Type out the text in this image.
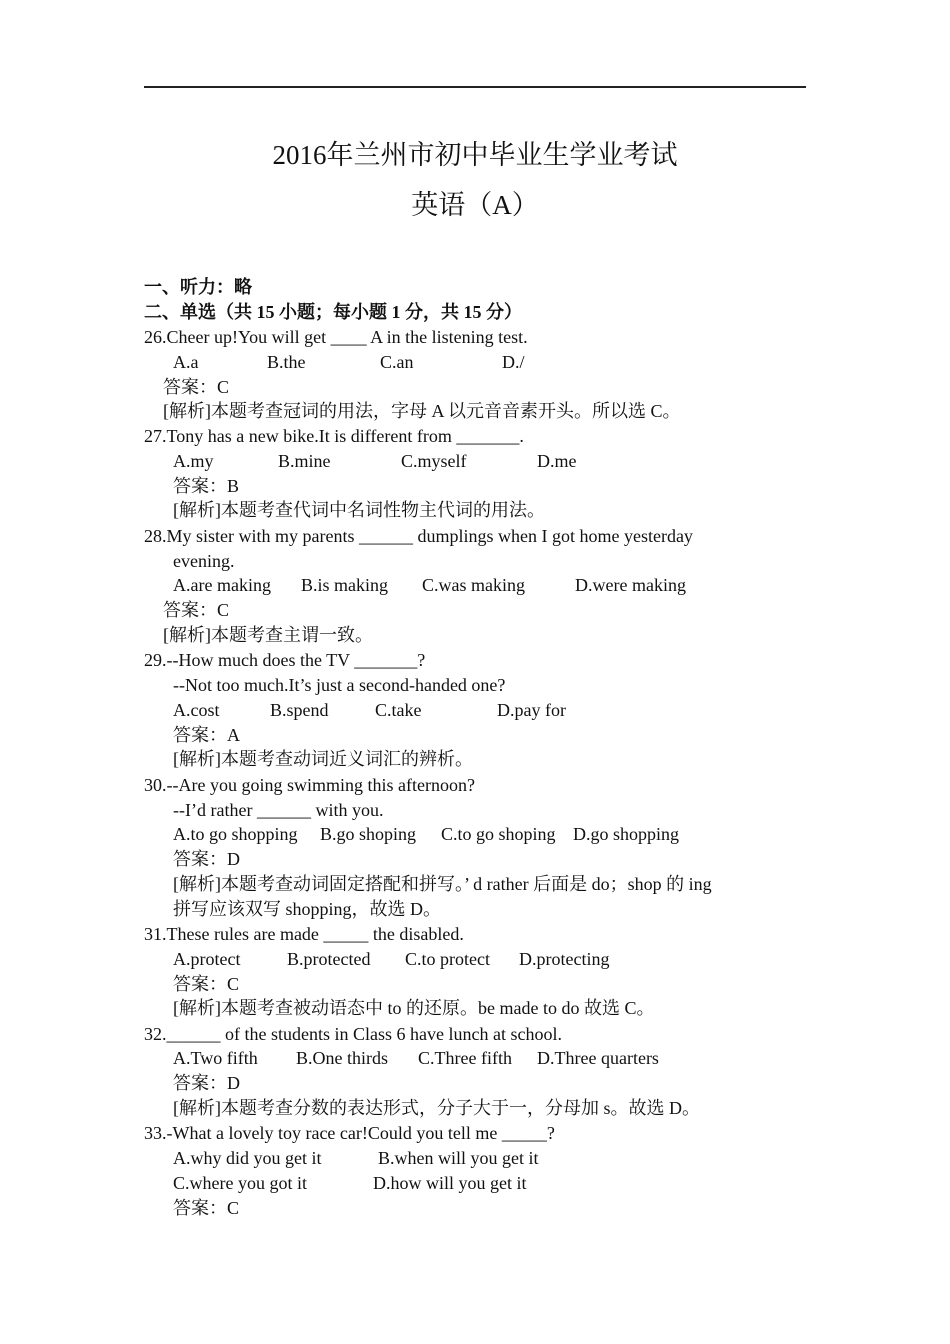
2016年兰州市初中毕业生学业考试
英语（A）
一、听力：略
二、单选（共 15 小题；每小题 1 分，共 15 分）
26.Cheer up!You will get ____ A in the listening test.
A.a	B.the	C.an	D./
答案：C
[解析]本题考查冠词的用法，字母 A 以元音音素开头。所以选 C。
27.Tony has a new bike.It is different from _______.
A.my	B.mine	C.myself	D.me
答案：B
[解析]本题考查代词中名词性物主代词的用法。
28.My sister with my parents ______ dumplings when I got home yesterday
evening.
A.are making B.is making C.was making	D.were making
答案：C
[解析]本题考查主谓一致。
29.--How much does the TV _______?
--Not too much.It’s just a second-handed one?
A.cost	B.spend	C.take	D.pay for
答案：A
[解析]本题考查动词近义词汇的辨析。
30.--Are you going swimming this afternoon?
--I’d rather ______ with you.
A.to go shopping B.go shoping C.to go shoping D.go shopping
答案：D
[解析]本题考查动词固定搭配和拼写。’ d rather 后面是 do；shop 的 ing
拼写应该双写 shopping，故选 D。
31.These rules are made _____ the disabled.
A.protect	B.protected C.to protect D.protecting
答案：C
[解析]本题考查被动语态中 to 的还原。be made to do 故选 C。
32.______ of the students in Class 6 have lunch at school.
A.Two fifth B.One thirds C.Three fifth D.Three quarters
答案：D
[解析]本题考查分数的表达形式，分子大于一，分母加 s。故选 D。
33.-What a lovely toy race car!Could you tell me _____?
A.why did you get it	B.when will you get it
C.where you got it	D.how will you get it
答案：C
